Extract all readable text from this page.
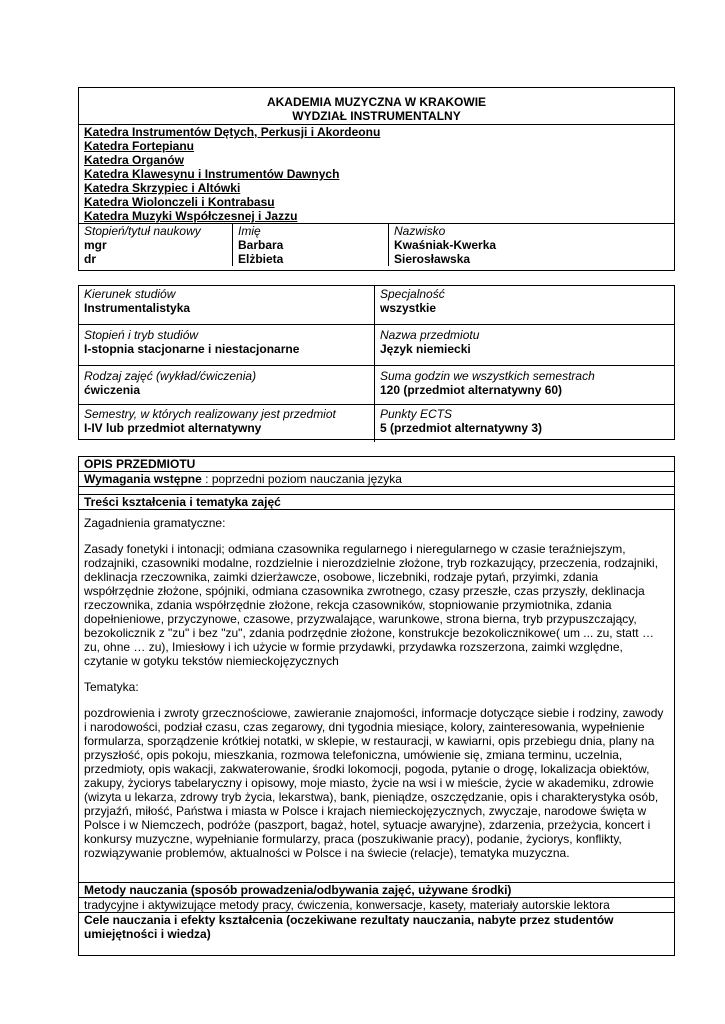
AKADEMIA MUZYCZNA W KRAKOWIE
WYDZIAŁ INSTRUMENTALNY
Katedra Instrumentów Dętych, Perkusji i Akordeonu
Katedra Fortepianu
Katedra Organów
Katedra Klawesynu i Instrumentów Dawnych
Katedra Skrzypiec i Altówki
Katedra Wiolonczeli i Kontrabasu
Katedra Muzyki Współczesnej i Jazzu
Stopień/tytuł naukowy
mgr
dr
Imię
Barbara
Elżbieta
Nazwisko
Kwaśniak-Kwerka
Sierosławska
Kierunek studiów
Instrumentalistyka
Specjalność
wszystkie
Stopień i tryb studiów
I-stopnia stacjonarne i niestacjonarne
Nazwa przedmiotu
Język niemiecki
Rodzaj zajęć (wykład/ćwiczenia)
ćwiczenia
Suma godzin we wszystkich semestrach
120 (przedmiot alternatywny 60)
Semestry, w których realizowany jest przedmiot
I-IV lub przedmiot alternatywny
Punkty ECTS
5 (przedmiot alternatywny 3)
OPIS PRZEDMIOTU
Wymagania wstępne : poprzedni poziom nauczania języka
Treści kształcenia i tematyka zajęć

Zagadnienia gramatyczne:

Zasady fonetyki i intonacji; odmiana czasownika regularnego i nieregularnego w czasie teraźniejszym, rodzajniki, czasowniki modalne, rozdzielnie i nierozdzielnie złożone, tryb rozkazujący, przeczenia, rodzajniki, deklinacja rzeczownika, zaimki dzierżawcze, osobowe, liczebniki, rodzaje pytań, przyimki, zdania współrzędnie złożone, spójniki, odmiana czasownika zwrotnego, czasy przeszłe, czas przyszły, deklinacja rzeczownika, zdania współrzędnie złożone, rekcja czasowników, stopniowanie przymiotnika, zdania dopełnieniowe, przyczynowe, czasowe, przyzwalające, warunkowe, strona bierna, tryb przypuszczający, bezokolicznik z "zu" i bez "zu", zdania podrzędnie złożone, konstrukcje bezokolicznikowe( um ... zu, statt … zu, ohne … zu), Imiesłowy i ich użycie w formie przydawki, przydawka rozszerzona, zaimki względne, czytanie w gotyku tekstów niemieckojęzycznych

Tematyka:

pozdrowienia i zwroty grzecznościowe, zawieranie znajomości, informacje dotyczące siebie i rodziny, zawody i narodowości, podział czasu, czas zegarowy, dni tygodnia miesiące, kolory, zainteresowania, wypełnienie formularza, sporządzenie krótkiej notatki, w sklepie, w restauracji, w kawiarni, opis przebiegu dnia, plany na przyszłość, opis pokoju, mieszkania, rozmowa telefoniczna, umówienie się, zmiana terminu, uczelnia, przedmioty, opis wakacji, zakwaterowanie, środki lokomocji, pogoda, pytanie o drogę, lokalizacja obiektów, zakupy, życiorys tabelaryczny i opisowy, moje miasto, życie na wsi i w mieście, życie w akademiku, zdrowie (wizyta u lekarza, zdrowy tryb życia, lekarstwa), bank, pieniądze, oszczędzanie, opis i charakterystyka osób, przyjaźń, miłość, Państwa i miasta w Polsce i krajach niemieckojęzycznych, zwyczaje, narodowe święta w Polsce i w Niemczech, podróże (paszport, bagaż, hotel, sytuacje awaryjne), zdarzenia, przeżycia, koncert i konkursy muzyczne, wypełnianie formularzy, praca (poszukiwanie pracy), podanie, życiorys, konflikty, rozwiązywanie problemów, aktualności w Polsce i na świecie (relacje), tematyka muzyczna.

Metody nauczania (sposób prowadzenia/odbywania zajęć, używane środki)
tradycyjne i aktywizujące metody pracy, ćwiczenia, konwersacje, kasety, materiały autorskie lektora
Cele nauczania i efekty kształcenia (oczekiwane rezultaty nauczania, nabyte przez studentów umiejętności i wiedza)
